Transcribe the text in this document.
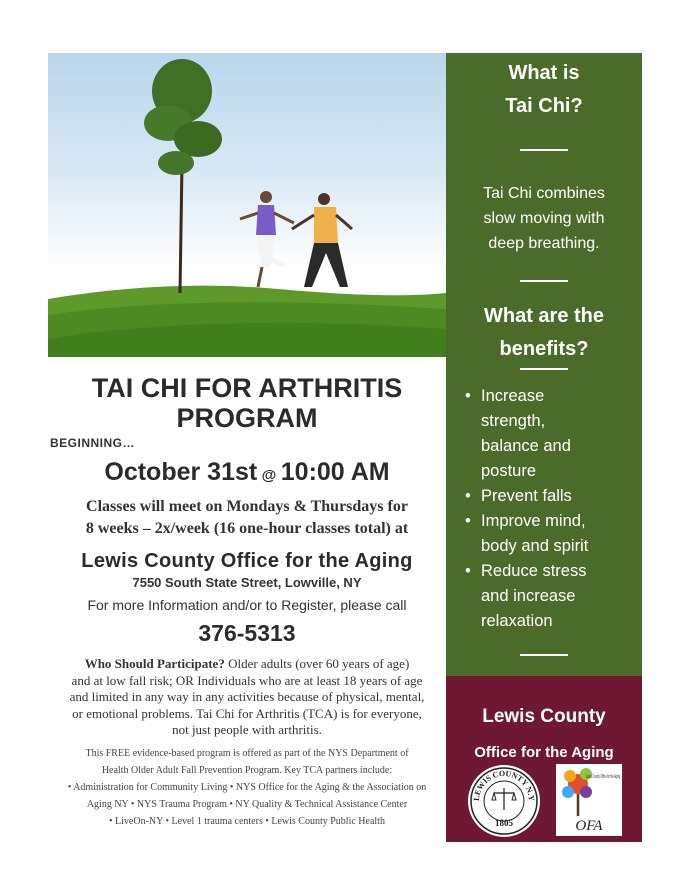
TAI CHI FOR ARTHRITIS
PROGRAM
BEGINNING…
October 31st @ 10:00 AM
Classes will meet on Mondays & Thursdays for
8 weeks – 2x/week (16 one-hour classes total) at
Lewis County Office for the Aging
7550 South State Street, Lowville, NY
For more Information and/or to Register, please call
376-5313
Who Should Participate? Older adults (over 60 years of age)
and at low fall risk; OR Individuals who are at least 18 years of age
and limited in any way in any activities because of physical, mental,
or emotional problems. Tai Chi for Arthritis (TCA) is for everyone,
not just people with arthritis.
This FREE evidence-based program is offered as part of the NYS Department of
Health Older Adult Fall Prevention Program. Key TCA partners include:
• Administration for Community Living • NYS Office for the Aging & the Association on
Aging NY • NYS Trauma Program • NY Quality & Technical Assistance Center
• LiveOn-NY • Level 1 trauma centers • Lewis County Public Health
What is
Tai Chi?

Tai Chi combines

slow moving with

deep breathing.

What are the
benefits?
• Increase
strength,
balance and
posture
• Prevent falls
• Improve mind,
body and spirit
• Reduce stress
and increase
relaxation
Lewis County
Office for the Aging
LEWIS COUNTY N.Y
1805
Lewis County Office for the Aging
OFA
